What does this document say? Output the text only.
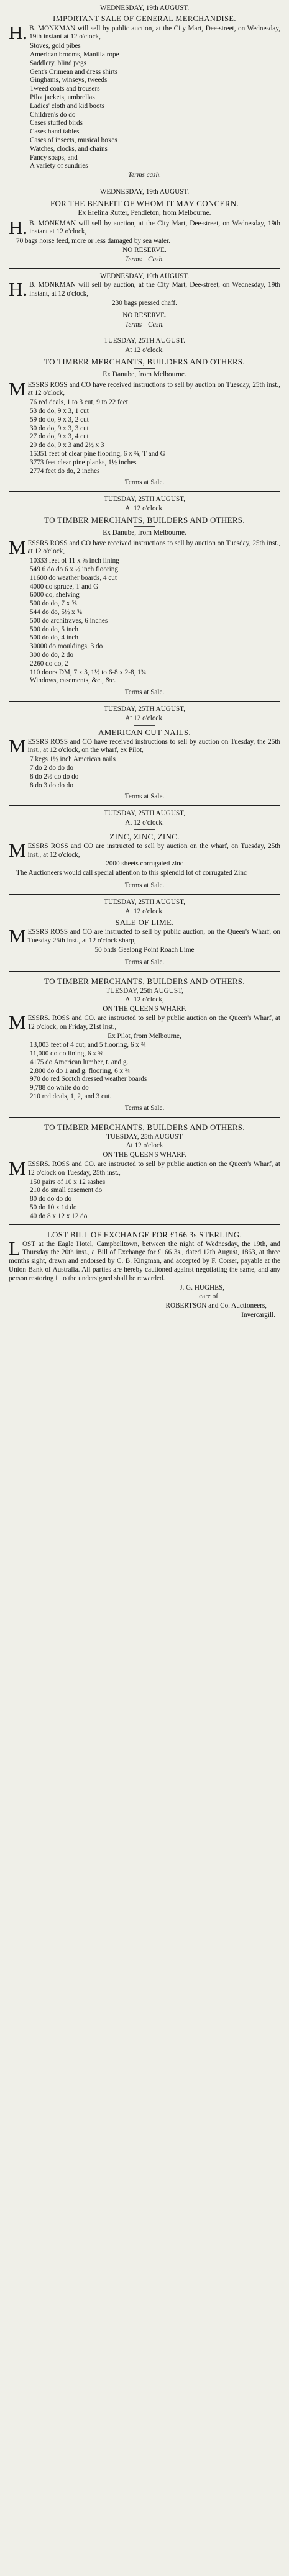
WEDNESDAY, 19th AUGUST.
IMPORTANT SALE OF GENERAL MERCHANDISE.
H.B. MONKMAN will sell by public auction, at the City Mart, Dee-street, on Wednesday, 19th instant at 12 o'clock,
Stoves, gold pibes
American brooms, Manilla rope
Saddlery, blind pegs
Gent's Crimean and dress shirts
Ginghams, winseys, tweeds
Tweed coats and trousers
Pilot jackets, umbrellas
Ladies' cloth and kid boots
Children's do do
Cases stuffed birds
Cases hand tables
Cases of insects, musical boxes
Watches, clocks, and chains
Fancy soaps, and
A variety of sundries
Terms cash.
WEDNESDAY, 19th AUGUST.
FOR THE BENEFIT OF WHOM IT MAY CONCERN.
Ex Erelina Rutter, Pendleton, from Melbourne.
H.B. MONKMAN will sell by auction, at the City Mart, Dee-street, on Wednesday, 19th instant at 12 o'clock,
70 bags horse feed, more or less damaged by sea water.
NO RESERVE.
Terms—Cash.
WEDNESDAY, 19th AUGUST.
H.B. MONKMAN will sell by auction, at the City Mart, Dee-street, on Wednesday, 19th instant, at 12 o'clock,
230 bags pressed chaff.
NO RESERVE.
Terms—Cash.
TUESDAY, 25TH AUGUST.
At 12 o'clock.
TO TIMBER MERCHANTS, BUILDERS AND OTHERS.
Ex Danube, from Melbourne.
MESSRS ROSS and CO have received instructions to sell by auction on Tuesday, 25th inst., at 12 o'clock,
76 red deals, 1 to 3 cut, 9 to 22 feet
53 do do, 9 x 3, 1 cut
59 do do, 9 x 3, 2 cut
30 do do, 9 x 3, 3 cut
27 do do, 9 x 3, 4 cut
29 do do, 9 x 3 and 2½ x 3
15351 feet of clear pine flooring, 6 x ¾, T and G
3773 feet clear pine planks, 1½ inches
2774 feet do do, 2 inches
Terms at Sale.
TUESDAY, 25TH AUGUST,
At 12 o'clock.
TO TIMBER MERCHANTS, BUILDERS AND OTHERS.
Ex Danube, from Melbourne.
MESSRS ROSS and CO have received instructions to sell by auction on Tuesday, 25th inst., at 12 o'clock,
10333 feet of 11 x ⅝ inch lining
549 6 do do 6 x ½ inch flooring
11600 do weather boards, 4 cut
4000 do spruce, T and G
6000 do, shelving
500 do do, 7 x ⅝
544 do do, 5½ x ⅝
500 do architraves, 6 inches
500 do do, 5 inch
500 do do, 4 inch
30000 do mouldings, 3 do
300 do do, 2 do
2260 do do, 2
110 doors DM, 7 x 3, 1½ to 6-8 x 2-8, 1¾
Windows, casements, &c., &c.
Terms at Sale.
TUESDAY, 25TH AUGUST,
At 12 o'clock.
AMERICAN CUT NAILS.
MESSRS ROSS and CO have received instructions to sell by auction on Tuesday, the 25th inst., at 12 o'clock, on the wharf, ex Pilot,
7 kegs 1½ inch American nails
7 do 2 do do do
8 do 2½ do do do
8 do 3 do do do
Terms at Sale.
TUESDAY, 25TH AUGUST,
At 12 o'clock.
ZINC, ZINC, ZINC.
MESSRS ROSS and CO are instructed to sell by auction on the wharf, on Tuesday, 25th inst., at 12 o'clock,
2000 sheets corrugated zinc
The Auctioneers would call special attention to this splendid lot of corrugated Zinc
Terms at Sale.
TUESDAY, 25TH AUGUST,
At 12 o'clock.
SALE OF LIME.
MESSRS ROSS and CO are instructed to sell by public auction, on the Queen's Wharf, on Tuesday 25th inst., at 12 o'clock sharp,
50 bhds Geelong Point Roach Lime
Terms at Sale.
TO TIMBER MERCHANTS, BUILDERS AND OTHERS.
TUESDAY, 25th AUGUST,
At 12 o'clock,
ON THE QUEEN'S WHARF.
MESSRS. ROSS and CO. are instructed to sell by public auction on the Queen's Wharf, at 12 o'clock, on Friday, 21st inst.,
Ex Pilot, from Melbourne,
13,003 feet of 4 cut, and 5 flooring, 6 x ¾
11,000 do do lining, 6 x ⅝
4175 do American lumber, t. and g.
2,800 do do 1 and g. flooring, 6 x ¾
970 do red Scotch dressed weather boards
9,788 do white do do
210 red deals, 1, 2, and 3 cut.
Terms at Sale.
TO TIMBER MERCHANTS, BUILDERS AND OTHERS.
TUESDAY, 25th AUGUST
At 12 o'clock
ON THE QUEEN'S WHARF.
MESSRS. ROSS and CO. are instructed to sell by public auction on the Queen's Wharf, at 12 o'clock on Tuesday, 25th inst.,
150 pairs of 10 x 12 sashes
210 do small casement do
80 do do do do
50 do 10 x 14 do
40 do 8 x 12 x 12 do
LOST BILL OF EXCHANGE FOR £166 3s STERLING.
LOST at the Eagle Hotel, Campbelltown, between the night of Wednesday, the 19th, and Thursday the 20th inst., a Bill of Exchange for £166 3s., dated 12th August, 1863, at three months sight, drawn and endorsed by C. B. Kingman, and accepted by F. Corser, payable at the Union Bank of Australia. All parties are hereby cautioned against negotiating the same, and any person restoring it to the undersigned shall be rewarded.
J. G. HUGHES,
care of
ROBERTSON and Co. Auctioneers,
Invercargill.
